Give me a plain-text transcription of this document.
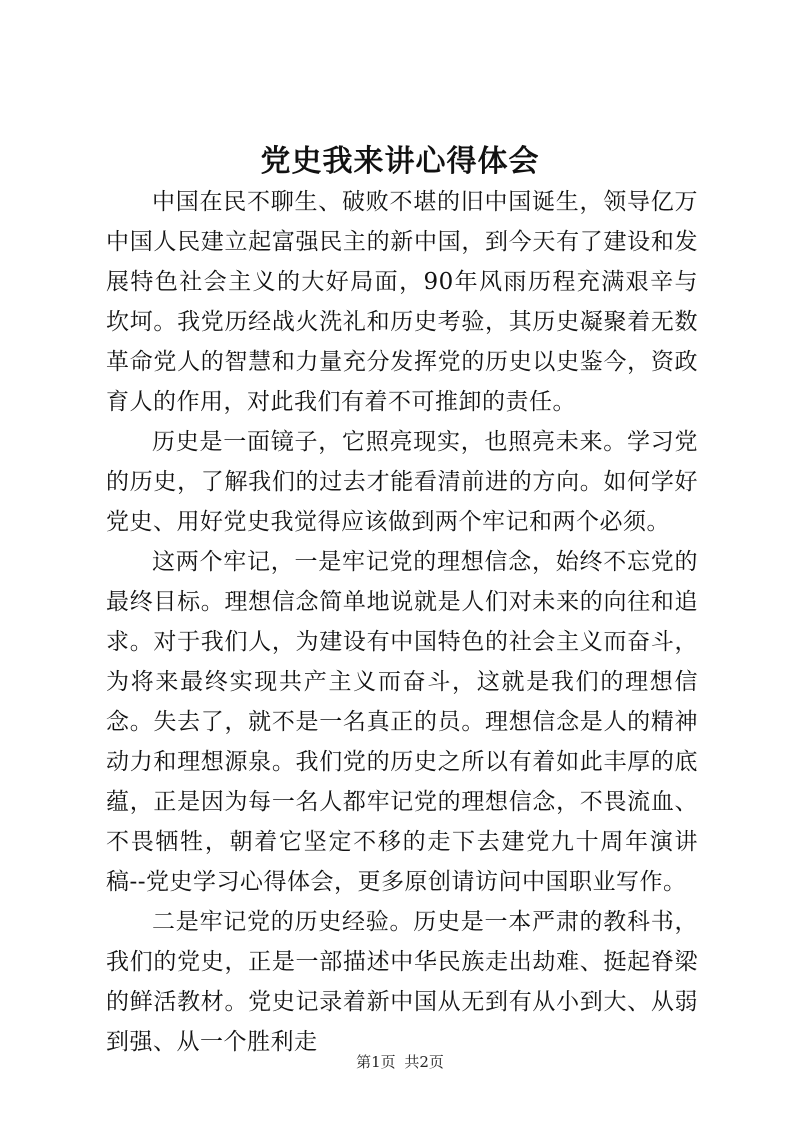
党史我来讲心得体会

中国在民不聊生、破败不堪的旧中国诞生，领导亿万中国人民建立起富强民主的新中国，到今天有了建设和发展特色社会主义的大好局面，90年风雨历程充满艰辛与坎坷。我党历经战火洗礼和历史考验，其历史凝聚着无数革命党人的智慧和力量充分发挥党的历史以史鉴今，资政育人的作用，对此我们有着不可推卸的责任。

历史是一面镜子，它照亮现实，也照亮未来。学习党的历史，了解我们的过去才能看清前进的方向。如何学好党史、用好党史我觉得应该做到两个牢记和两个必须。

这两个牢记，一是牢记党的理想信念，始终不忘党的最终目标。理想信念简单地说就是人们对未来的向往和追求。对于我们人，为建设有中国特色的社会主义而奋斗，为将来最终实现共产主义而奋斗，这就是我们的理想信念。失去了，就不是一名真正的员。理想信念是人的精神动力和理想源泉。我们党的历史之所以有着如此丰厚的底蕴，正是因为每一名人都牢记党的理想信念，不畏流血、不畏牺牲，朝着它坚定不移的走下去建党九十周年演讲稿--党史学习心得体会，更多原创请访问中国职业写作。

二是牢记党的历史经验。历史是一本严肃的教科书，我们的党史，正是一部描述中华民族走出劫难、挺起脊梁的鲜活教材。党史记录着新中国从无到有从小到大、从弱到强、从一个胜利走

第1页 共2页
